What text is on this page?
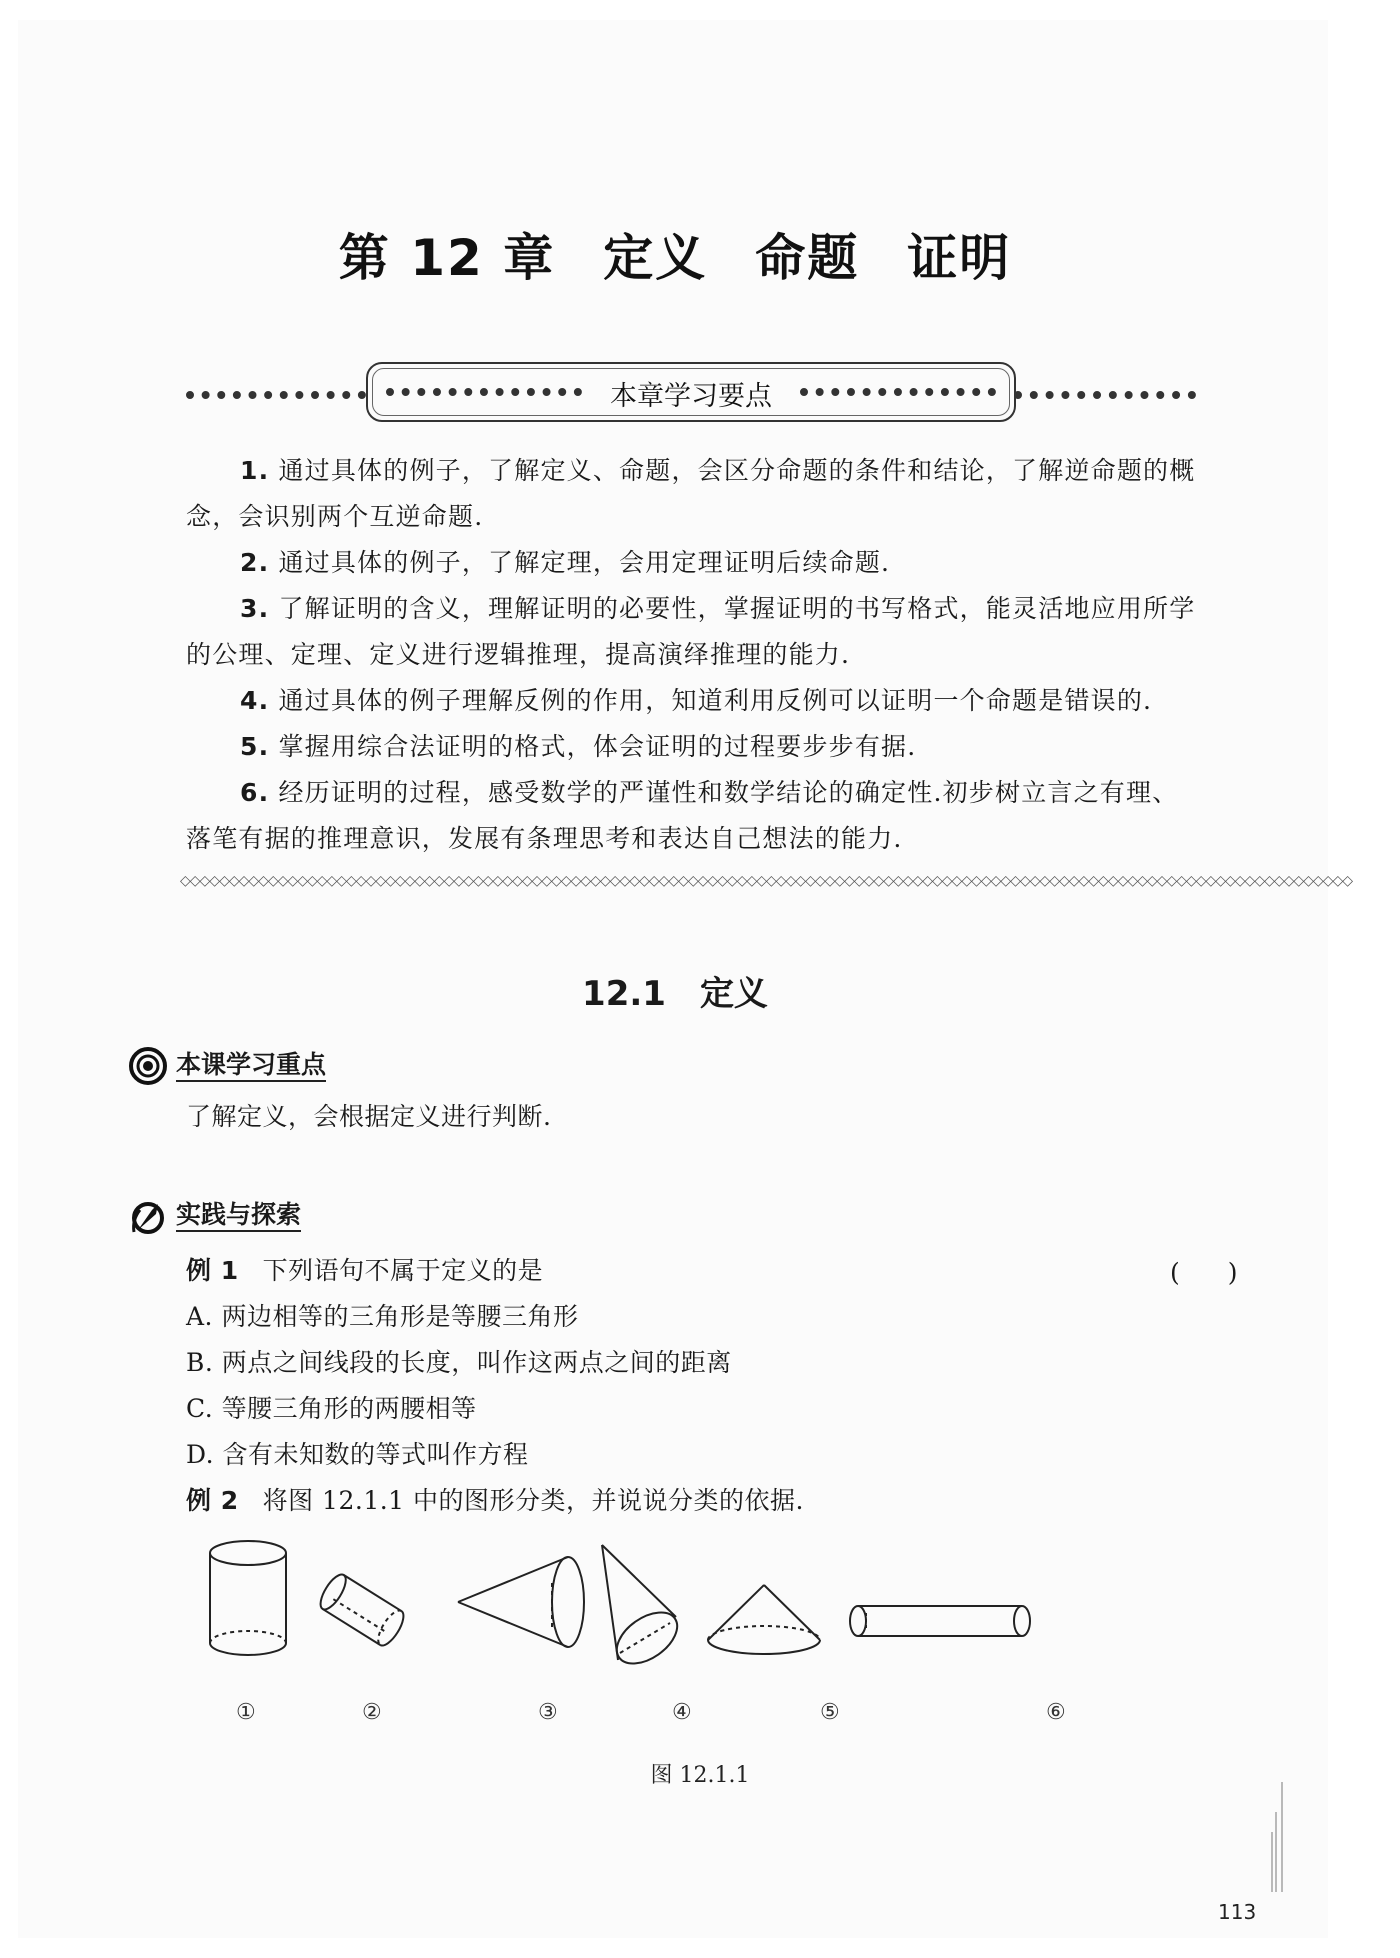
第 12 章 定义 命题 证明
本章学习要点

1. 通过具体的例子，了解定义、命题，会区分命题的条件和结论，了解逆命题的概念，会识别两个互逆命题.

2. 通过具体的例子，了解定理，会用定理证明后续命题.

3. 了解证明的含义，理解证明的必要性，掌握证明的书写格式，能灵活地应用所学的公理、定理、定义进行逻辑推理，提高演绎推理的能力.

4. 通过具体的例子理解反例的作用，知道利用反例可以证明一个命题是错误的.

5. 掌握用综合法证明的格式，体会证明的过程要步步有据.

6. 经历证明的过程，感受数学的严谨性和数学结论的确定性.初步树立言之有理、落笔有据的推理意识，发展有条理思考和表达自己想法的能力.

◇◇◇◇◇◇◇◇◇◇◇◇◇◇◇◇◇◇◇◇◇◇◇◇◇◇◇◇◇◇◇◇◇◇◇◇◇◇◇◇◇◇◇◇◇◇◇◇◇◇◇◇◇◇◇◇◇◇◇◇◇◇◇◇◇◇◇◇◇◇◇◇◇◇◇◇◇◇◇◇◇◇◇◇◇◇◇◇◇◇◇◇◇◇◇◇◇◇◇◇◇◇◇◇◇◇◇◇◇◇◇◇◇◇◇◇◇◇◇◇
12.1 定义
本课学习重点
了解定义，会根据定义进行判断.
实践与探索
例 1 下列语句不属于定义的是	( )
A. 两边相等的三角形是等腰三角形
B. 两点之间线段的长度，叫作这两点之间的距离
C. 等腰三角形的两腰相等
D. 含有未知数的等式叫作方程
例 2 将图 12.1.1 中的图形分类，并说说分类的依据.
①	②	③	④	⑤	⑥
图 12.1.1
113
